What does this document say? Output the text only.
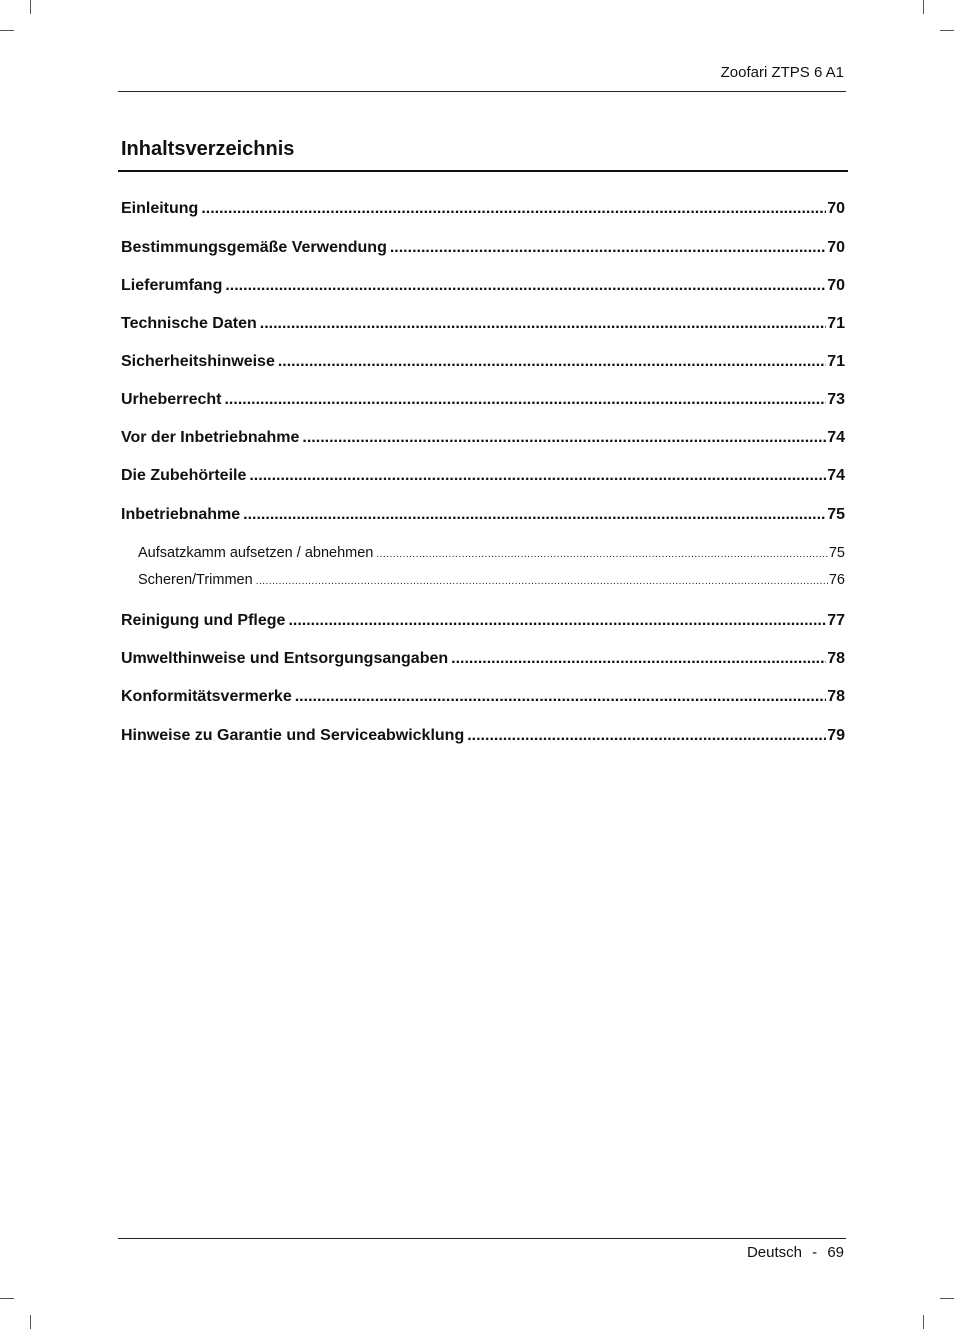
Zoofari ZTPS 6 A1
Inhaltsverzeichnis
Einleitung .....	70
Bestimmungsgemäße Verwendung .....	70
Lieferumfang .....	70
Technische Daten .....	71
Sicherheitshinweise .....	71
Urheberrecht .....	73
Vor der Inbetriebnahme .....	74
Die Zubehörteile .....	74
Inbetriebnahme .....	75
Aufsatzkamm aufsetzen / abnehmen .....	75
Scheren/Trimmen .....	76
Reinigung und Pflege .....	77
Umwelthinweise und Entsorgungsangaben .....	78
Konformitätsvermerke .....	78
Hinweise zu Garantie und Serviceabwicklung .....	79
Deutsch - 69
